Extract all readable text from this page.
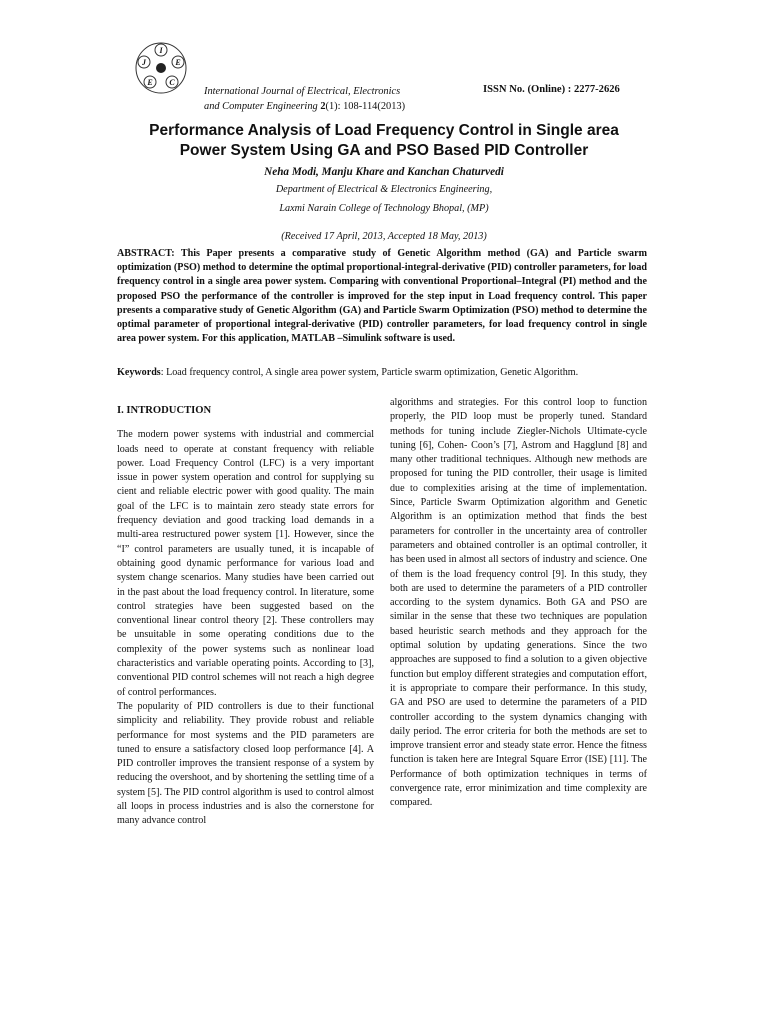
I
E
C
E
J
International Journal of Electrical, Electronics
and Computer Engineering 2(1): 108-114(2013)
ISSN No. (Online) : 2277-2626
Performance Analysis of Load Frequency Control in Single area
Power System Using GA and PSO Based PID Controller
Neha Modi, Manju Khare and Kanchan Chaturvedi
Department of Electrical & Electronics Engineering,
Laxmi Narain College of Technology Bhopal, (MP)
(Received 17 April, 2013, Accepted 18 May, 2013)

ABSTRACT: This Paper presents a comparative study of Genetic Algorithm method (GA) and Particle swarm optimization (PSO) method to determine the optimal proportional-integral-derivative (PID) controller parameters, for load frequency control in a single area power system. Comparing with conventional Proportional–Integral (PI) method and the proposed PSO the performance of the controller is improved for the step input in Load frequency control. This paper presents a comparative study of Genetic Algorithm (GA) and Particle Swarm Optimization (PSO) method to determine the optimal parameter of proportional integral-derivative (PID) controller parameters, for load frequency control in single area power system. For this application, MATLAB –Simulink software is used.

Keywords: Load frequency control, A single area power system, Particle swarm optimization, Genetic Algorithm.

I. INTRODUCTION

The modern power systems with industrial and commercial loads need to operate at constant frequency with reliable power. Load Frequency Control (LFC) is a very important issue in power system operation and control for supplying su cient and reliable electric power with good quality. The main goal of the LFC is to maintain zero steady state errors for frequency deviation and good tracking load demands in a multi-area restructured power system [1]. However, since the “I” control parameters are usually tuned, it is incapable of obtaining good dynamic performance for various load and system change scenarios. Many studies have been carried out in the past about the load frequency control. In literature, some control strategies have been suggested based on the conventional linear control theory [2]. These controllers may be unsuitable in some operating conditions due to the complexity of the power systems such as nonlinear load characteristics and variable operating points. According to [3], conventional PID control schemes will not reach a high degree of control performances.

The popularity of PID controllers is due to their functional simplicity and reliability. They provide robust and reliable performance for most systems and the PID parameters are tuned to ensure a satisfactory closed loop performance [4]. A PID controller improves the transient response of a system by reducing the overshoot, and by shortening the settling time of a system [5]. The PID control algorithm is used to control almost all loops in process industries and is also the cornerstone for many advance control

algorithms and strategies. For this control loop to function properly, the PID loop must be properly tuned. Standard methods for tuning include Ziegler-Nichols Ultimate-cycle tuning [6], Cohen- Coon’s [7], Astrom and Hagglund [8] and many other traditional techniques. Although new methods are proposed for tuning the PID controller, their usage is limited due to complexities arising at the time of implementation. Since, Particle Swarm Optimization algorithm and Genetic Algorithm is an optimization method that finds the best parameters for controller in the uncertainty area of controller parameters and obtained controller is an optimal controller, it has been used in almost all sectors of industry and science. One of them is the load frequency control [9]. In this study, they both are used to determine the parameters of a PID controller according to the system dynamics. Both GA and PSO are similar in the sense that these two techniques are population based heuristic search methods and they approach for the optimal solution by updating generations. Since the two approaches are supposed to find a solution to a given objective function but employ different strategies and computation effort, it is appropriate to compare their performance. In this study, GA and PSO are used to determine the parameters of a PID controller according to the system dynamics changing with daily period. The error criteria for both the methods are set to improve transient error and steady state error. Hence the fitness function is taken here are Integral Square Error (ISE) [11]. The Performance of both optimization techniques in terms of convergence rate, error minimization and time complexity are compared.
